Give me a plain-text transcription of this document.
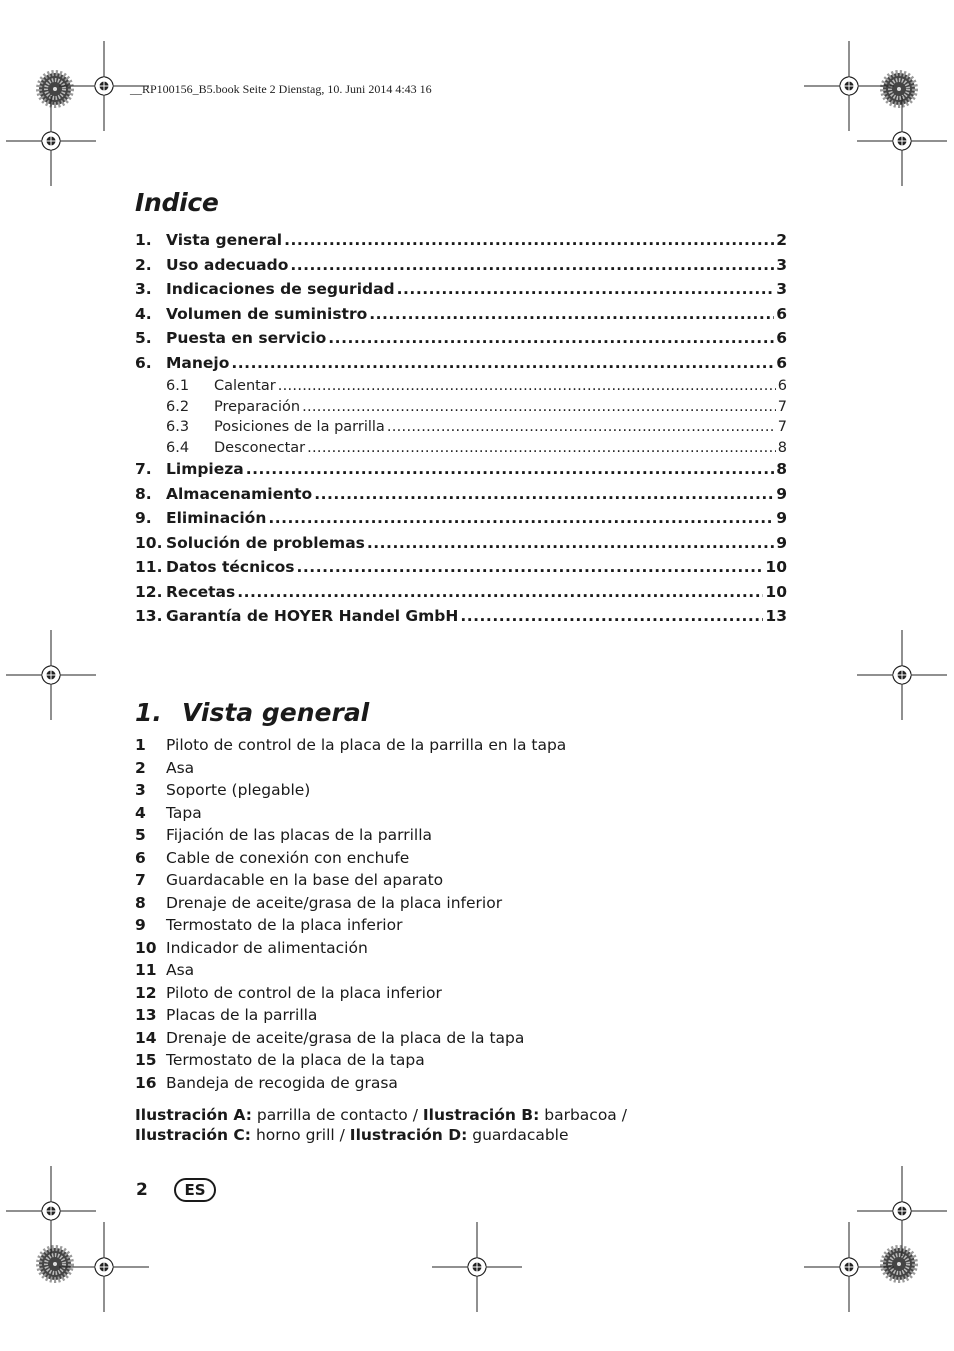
__RP100156_B5.book Seite 2 Dienstag, 10. Juni 2014 4:43 16
Indice
1. Vista general .....	2
2. Uso adecuado .....	3
3. Indicaciones de seguridad .....	3
4. Volumen de suministro .....	6
5. Puesta en servicio .....	6
6. Manejo .....	6
6.1	Calentar .....	6
6.2	Preparación .....	7
6.3	Posiciones de la parrilla .....	7
6.4	Desconectar .....	8
7. Limpieza .....	8
8. Almacenamiento .....	9
9. Eliminación .....	9
10. Solución de problemas .....	9
11. Datos técnicos .....	10
12. Recetas .....	10
13. Garantía de HOYER Handel GmbH .....	13
1. Vista general
1 Piloto de control de la placa de la parrilla en la tapa
2 Asa
3 Soporte (plegable)
4 Tapa
5 Fijación de las placas de la parrilla
6 Cable de conexión con enchufe
7 Guardacable en la base del aparato
8 Drenaje de aceite/grasa de la placa inferior
9 Termostato de la placa inferior
10 Indicador de alimentación
11 Asa
12 Piloto de control de la placa inferior
13 Placas de la parrilla
14 Drenaje de aceite/grasa de la placa de la tapa
15 Termostato de la placa de la tapa
16 Bandeja de recogida de grasa
Ilustración A: parrilla de contacto / Ilustración B: barbacoa /
Ilustración C: horno grill / Ilustración D: guardacable
2	ES
